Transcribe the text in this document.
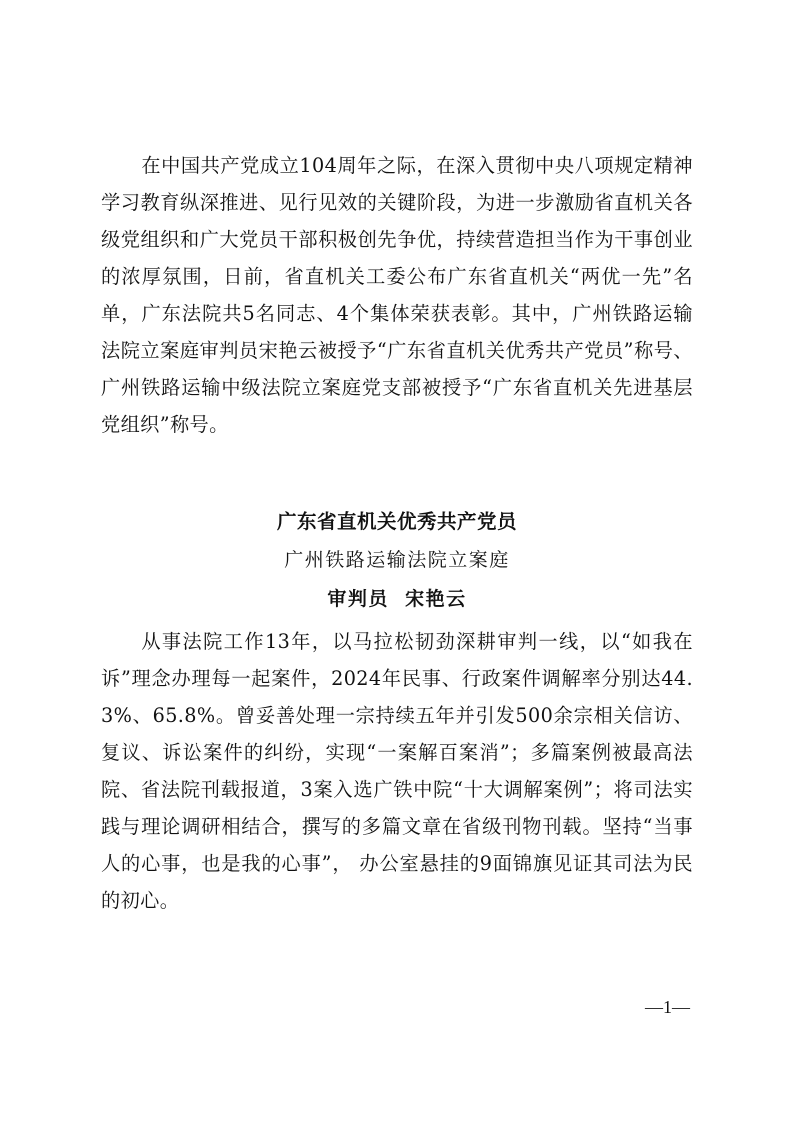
在中国共产党成立104周年之际，在深入贯彻中央八项规定精神学习教育纵深推进、见行见效的关键阶段，为进一步激励省直机关各级党组织和广大党员干部积极创先争优，持续营造担当作为干事创业的浓厚氛围，日前，省直机关工委公布广东省直机关“两优一先”名单，广东法院共5名同志、4个集体荣获表彰。其中，广州铁路运输法院立案庭审判员宋艳云被授予“广东省直机关优秀共产党员”称号、广州铁路运输中级法院立案庭党支部被授予“广东省直机关先进基层党组织”称号。

广东省直机关优秀共产党员
广州铁路运输法院立案庭
审判员  宋艳云

从事法院工作13年，以马拉松韧劲深耕审判一线，以“如我在诉”理念办理每一起案件，2024年民事、行政案件调解率分别达44.3%、65.8%。曾妥善处理一宗持续五年并引发500余宗相关信访、复议、诉讼案件的纠纷，实现“一案解百案消”；多篇案例被最高法院、省法院刊载报道，3案入选广铁中院“十大调解案例”；将司法实践与理论调研相结合，撰写的多篇文章在省级刊物刊载。坚持“当事人的心事，也是我的心事”， 办公室悬挂的9面锦旗见证其司法为民的初心。

—1—
